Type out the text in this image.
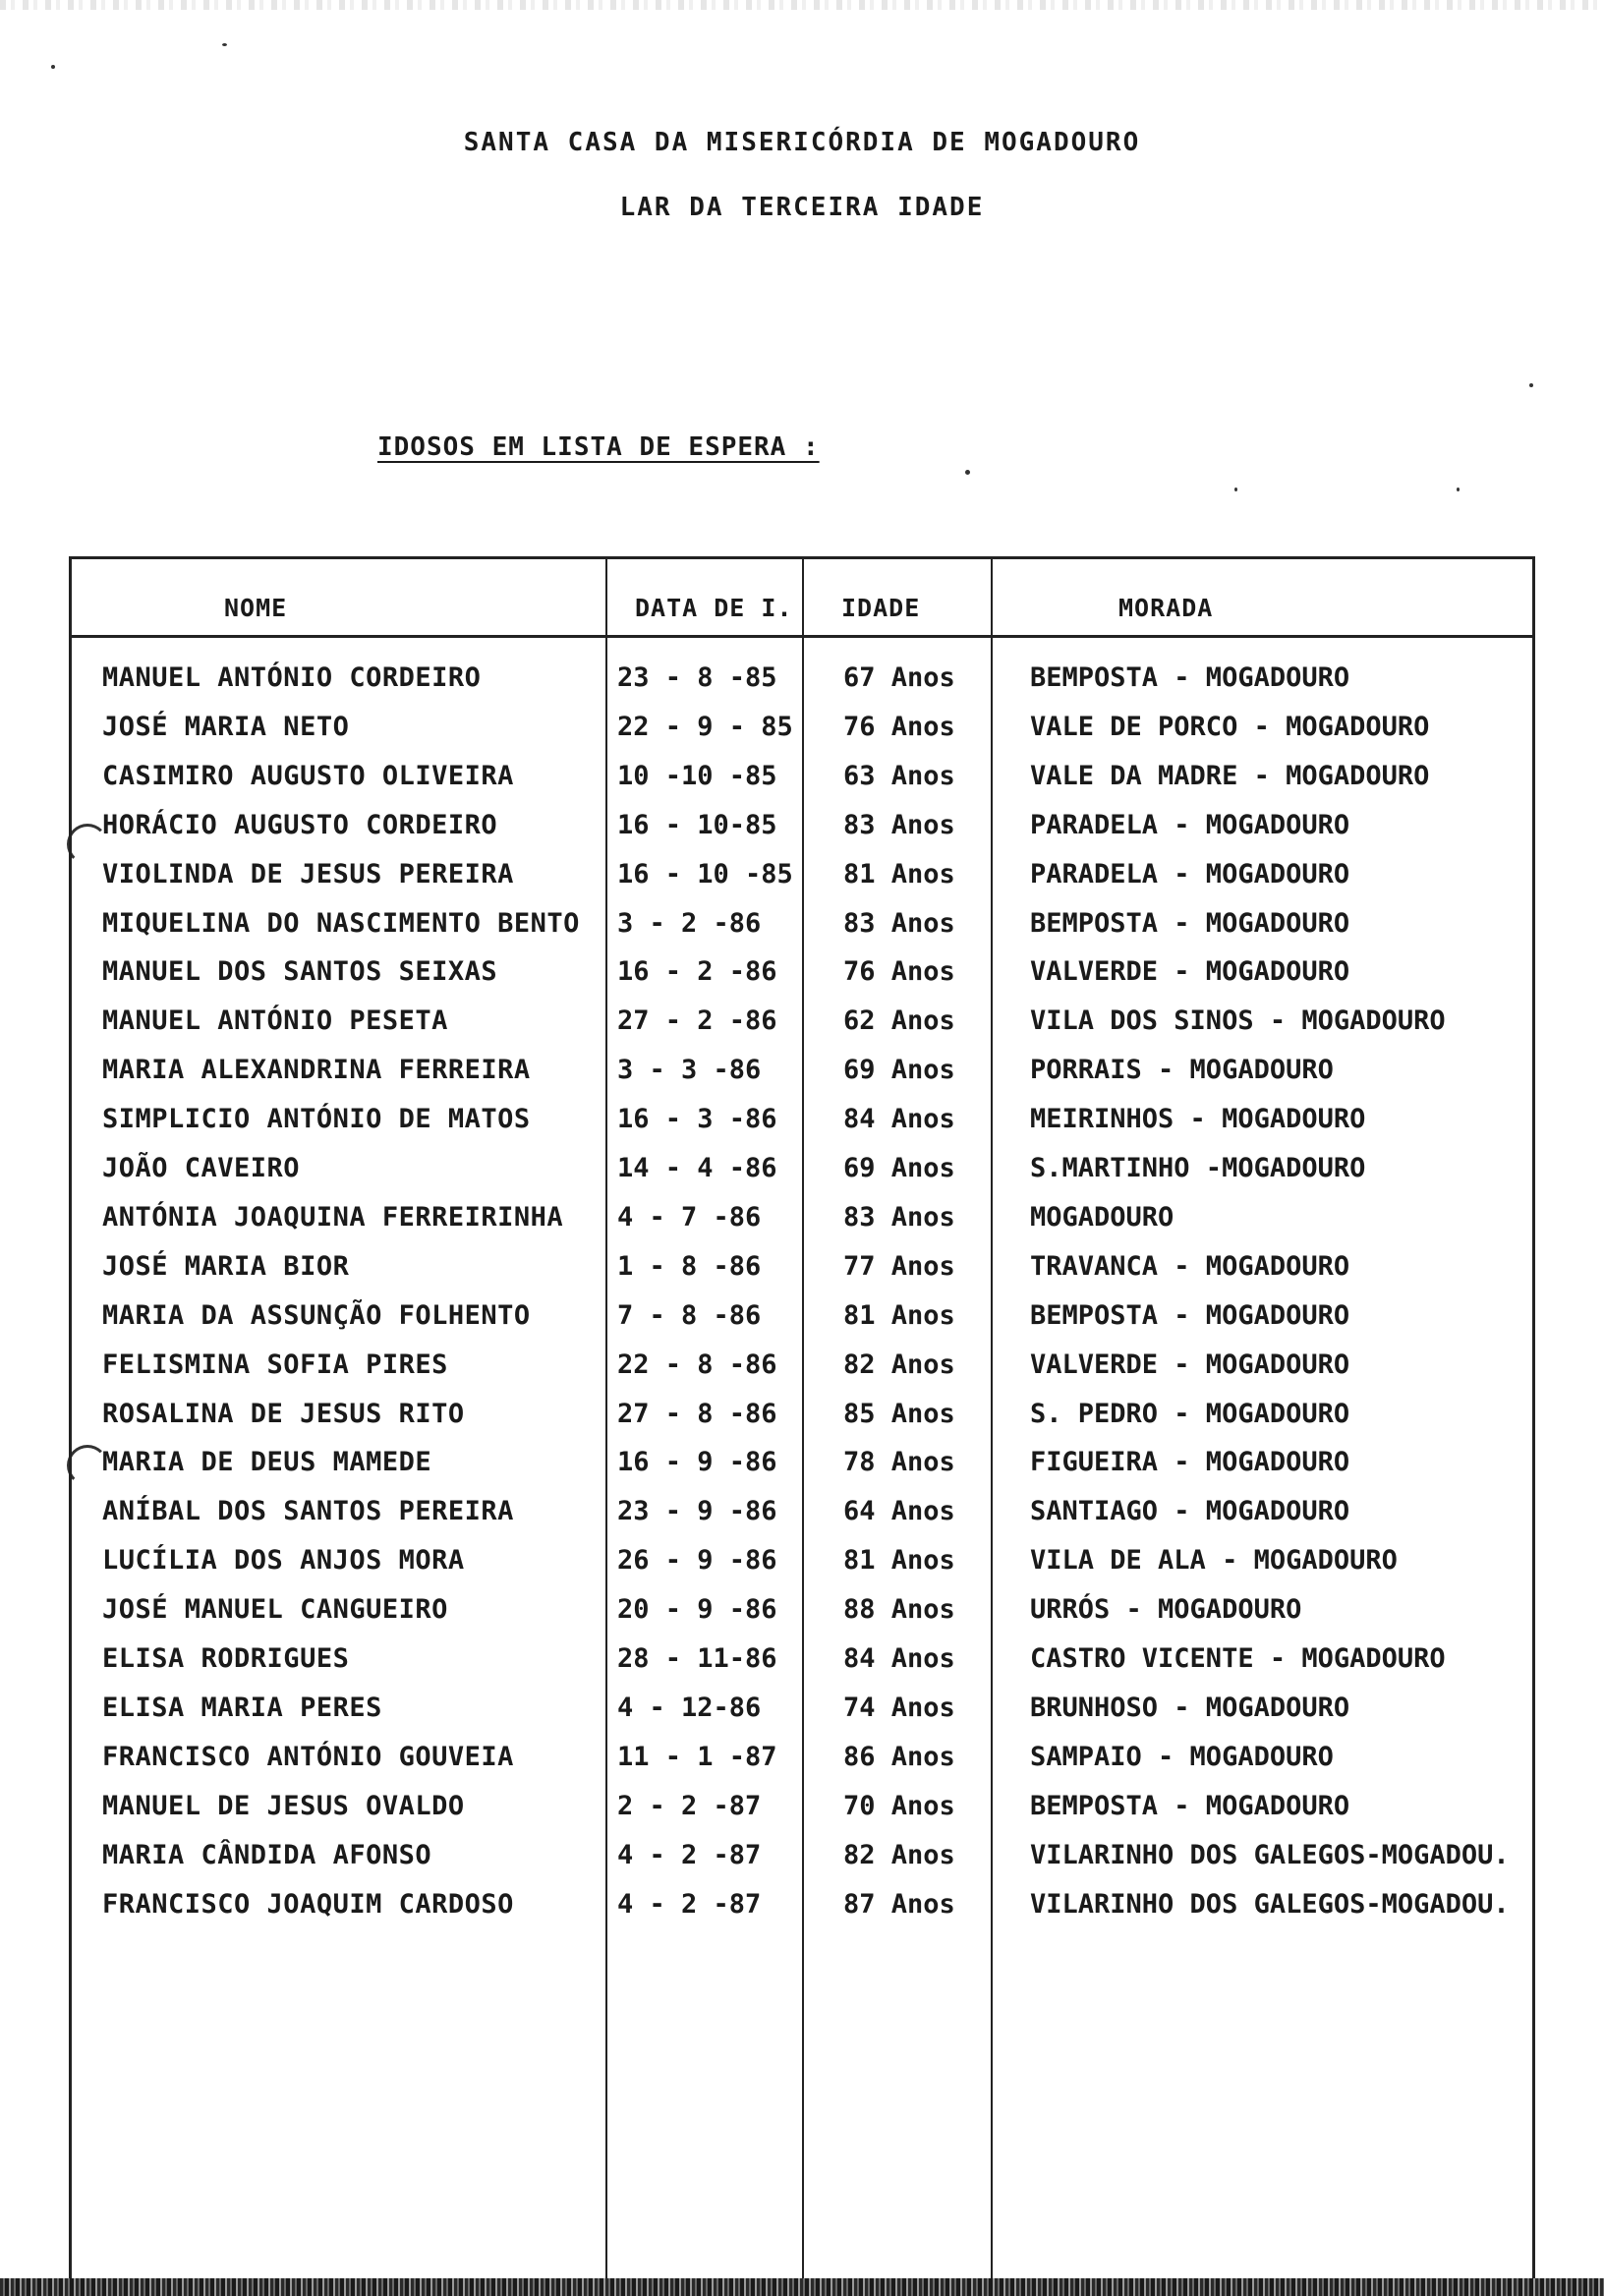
SANTA CASA DA MISERICÓRDIA DE MOGADOURO
LAR DA TERCEIRA IDADE
IDOSOS EM LISTA DE ESPERA :
NOME	DATA DE I. IDADE	MORADA
MANUEL ANTÓNIO CORDEIRO	23 - 8 -85 67 Anos	BEMPOSTA - MOGADOURO
JOSÉ MARIA NETO	22 - 9 - 85 76 Anos	VALE DE PORCO - MOGADOURO
CASIMIRO AUGUSTO OLIVEIRA	10 -10 -85 63 Anos	VALE DA MADRE - MOGADOURO
HORÁCIO AUGUSTO CORDEIRO	16 - 10-85 83 Anos	PARADELA - MOGADOURO
VIOLINDA DE JESUS PEREIRA	16 - 10 -85 81 Anos	PARADELA - MOGADOURO
MIQUELINA DO NASCIMENTO BENTO 3 - 2 -86	83 Anos	BEMPOSTA - MOGADOURO
MANUEL DOS SANTOS SEIXAS	16 - 2 -86 76 Anos	VALVERDE - MOGADOURO
MANUEL ANTÓNIO PESETA	27 - 2 -86 62 Anos	VILA DOS SINOS - MOGADOURO
MARIA ALEXANDRINA FERREIRA	3 - 3 -86	69 Anos	PORRAIS - MOGADOURO
SIMPLICIO ANTÓNIO DE MATOS	16 - 3 -86 84 Anos	MEIRINHOS - MOGADOURO
JOÃO CAVEIRO	14 - 4 -86 69 Anos	S.MARTINHO -MOGADOURO
ANTÓNIA JOAQUINA FERREIRINHA 4 - 7 -86	83 Anos	MOGADOURO
JOSÉ MARIA BIOR	1 - 8 -86	77 Anos	TRAVANCA - MOGADOURO
MARIA DA ASSUNÇÃO FOLHENTO	7 - 8 -86	81 Anos	BEMPOSTA - MOGADOURO
FELISMINA SOFIA PIRES	22 - 8 -86 82 Anos	VALVERDE - MOGADOURO
ROSALINA DE JESUS RITO	27 - 8 -86 85 Anos	S. PEDRO - MOGADOURO
MARIA DE DEUS MAMEDE	16 - 9 -86 78 Anos	FIGUEIRA - MOGADOURO
ANÍBAL DOS SANTOS PEREIRA	23 - 9 -86 64 Anos	SANTIAGO - MOGADOURO
LUCÍLIA DOS ANJOS MORA	26 - 9 -86 81 Anos	VILA DE ALA - MOGADOURO
JOSÉ MANUEL CANGUEIRO	20 - 9 -86 88 Anos	URRÓS - MOGADOURO
ELISA RODRIGUES	28 - 11-86 84 Anos	CASTRO VICENTE - MOGADOURO
ELISA MARIA PERES	4 - 12-86	74 Anos	BRUNHOSO - MOGADOURO
FRANCISCO ANTÓNIO GOUVEIA	11 - 1 -87 86 Anos	SAMPAIO - MOGADOURO
MANUEL DE JESUS OVALDO	2 - 2 -87	70 Anos	BEMPOSTA - MOGADOURO
MARIA CÂNDIDA AFONSO	4 - 2 -87	82 Anos	VILARINHO DOS GALEGOS-MOGADOU.
FRANCISCO JOAQUIM CARDOSO	4 - 2 -87	87 Anos	VILARINHO DOS GALEGOS-MOGADOU.
